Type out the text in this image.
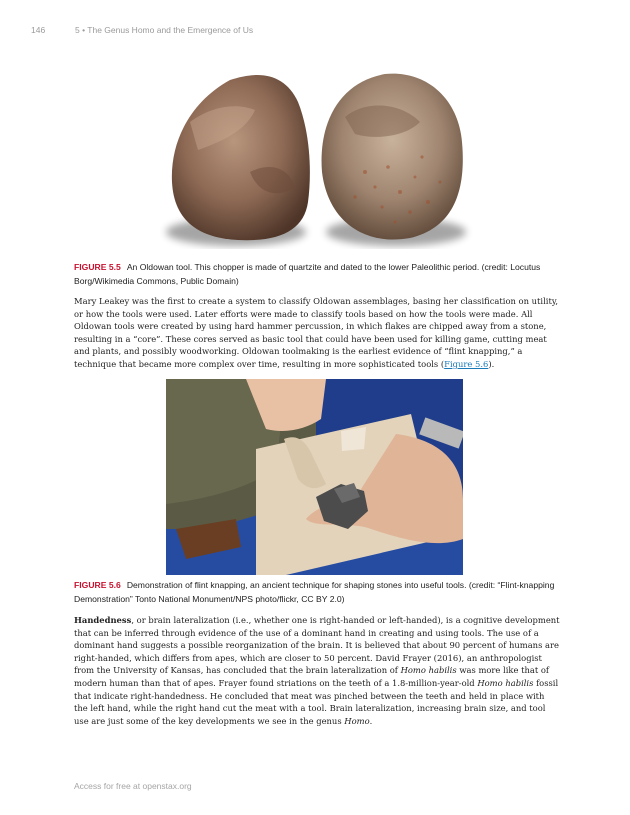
146	5 • The Genus Homo and the Emergence of Us
FIGURE 5.5 An Oldowan tool. This chopper is made of quartzite and dated to the lower Paleolithic period. (credit: Locutus Borg/Wikimedia Commons, Public Domain)
Mary Leakey was the first to create a system to classify Oldowan assemblages, basing her classification on utility, or how the tools were used. Later efforts were made to classify tools based on how the tools were made. All Oldowan tools were created by using hard hammer percussion, in which flakes are chipped away from a stone, resulting in a “core”. These cores served as basic tool that could have been used for killing game, cutting meat and plants, and possibly woodworking. Oldowan toolmaking is the earliest evidence of “flint knapping,” a technique that became more complex over time, resulting in more sophisticated tools (Figure 5.6).
FIGURE 5.6 Demonstration of flint knapping, an ancient technique for shaping stones into useful tools. (credit: “Flint-knapping Demonstration” Tonto National Monument/NPS photo/flickr, CC BY 2.0)
Handedness, or brain lateralization (i.e., whether one is right-handed or left-handed), is a cognitive development that can be inferred through evidence of the use of a dominant hand in creating and using tools. The use of a dominant hand suggests a possible reorganization of the brain. It is believed that about 90 percent of humans are right-handed, which differs from apes, which are closer to 50 percent. David Frayer (2016), an anthropologist from the University of Kansas, has concluded that the brain lateralization of Homo habilis was more like that of modern human than that of apes. Frayer found striations on the teeth of a 1.8-million-year-old Homo habilis fossil that indicate right-handedness. He concluded that meat was pinched between the teeth and held in place with the left hand, while the right hand cut the meat with a tool. Brain lateralization, increasing brain size, and tool use are just some of the key developments we see in the genus Homo.
Access for free at openstax.org
